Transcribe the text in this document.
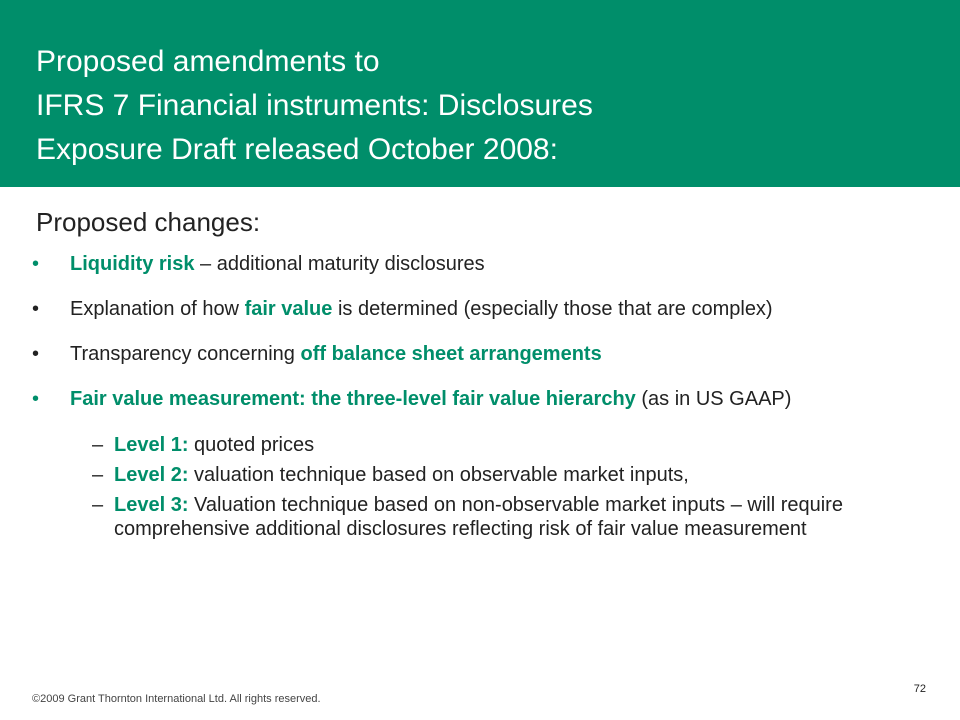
Proposed amendments to
IFRS 7 Financial instruments: Disclosures
Exposure Draft released October 2008:
Proposed changes:
• Liquidity risk – additional maturity disclosures
• Explanation of how fair value is determined (especially those that are complex)
• Transparency concerning off balance sheet arrangements
• Fair value measurement: the three-level fair value hierarchy (as in US GAAP)
– Level 1: quoted prices
– Level 2: valuation technique based on observable market inputs,
– Level 3: Valuation technique based on non-observable market inputs – will require comprehensive additional disclosures reflecting risk of fair value measurement
©2009 Grant Thornton International Ltd. All rights reserved.
72
